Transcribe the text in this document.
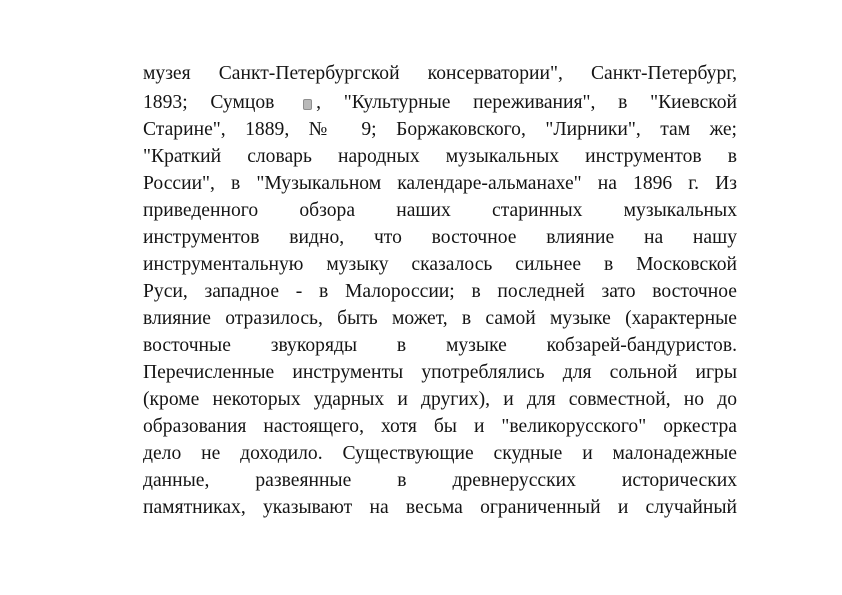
музея Санкт-Петербургской консерватории", Санкт-Петербург,
1893; Сумцов , "Культурные переживания", в "Киевской
Старине", 1889, № 9; Боржаковского, "Лирники", там же;
"Краткий словарь народных музыкальных инструментов в
России", в "Музыкальном календаре-альманахе" на 1896 г. Из
приведенного обзора наших старинных музыкальных
инструментов видно, что восточное влияние на нашу
инструментальную музыку сказалось сильнее в Московской
Руси, западное - в Малороссии; в последней зато восточное
влияние отразилось, быть может, в самой музыке (характерные
восточные звукоряды в музыке кобзарей-бандуристов.
Перечисленные инструменты употреблялись для сольной игры
(кроме некоторых ударных и других), и для совместной, но до
образования настоящего, хотя бы и "великорусского" оркестра
дело не доходило. Существующие скудные и малонадежные
данные, развеянные в древнерусских исторических
памятниках, указывают на весьма ограниченный и случайный
